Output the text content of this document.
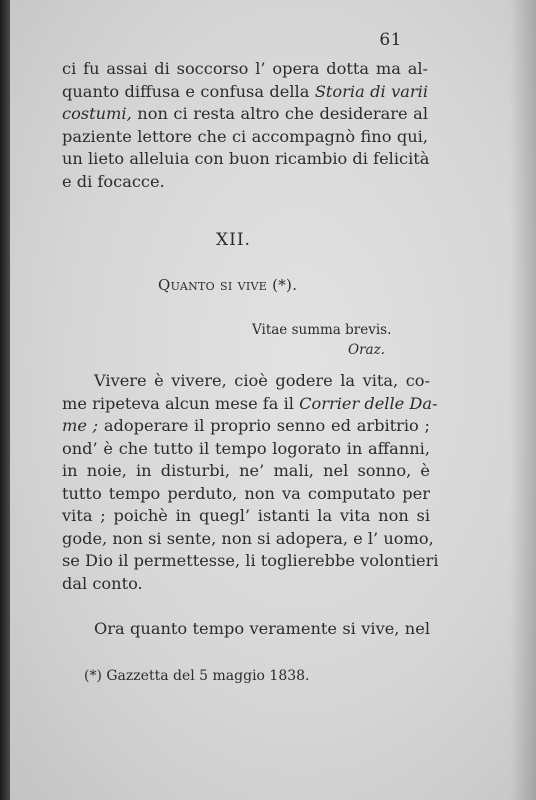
61
ci fu assai di soccorso l’ opera dotta ma al-
quanto diffusa e confusa della Storia di varii
costumi, non ci resta altro che desiderare al
paziente lettore che ci accompagnò fino qui,
un lieto alleluia con buon ricambio di felicità
e di focacce.
XII.
Quanto si vive (*).
Vitae summa brevis.
Oraz.
Vivere è vivere, cioè godere la vita, co-
me ripeteva alcun mese fa il Corrier delle Da-
me ; adoperare il proprio senno ed arbitrio ;
ond’ è che tutto il tempo logorato in affanni,
in noie, in disturbi, ne’ mali, nel sonno, è
tutto tempo perduto, non va computato per
vita ; poichè in quegl’ istanti la vita non si
gode, non si sente, non si adopera, e l’ uomo,
se Dio il permettesse, li toglierebbe volontieri
dal conto.
Ora quanto tempo veramente si vive, nel
(*) Gazzetta del 5 maggio 1838.
